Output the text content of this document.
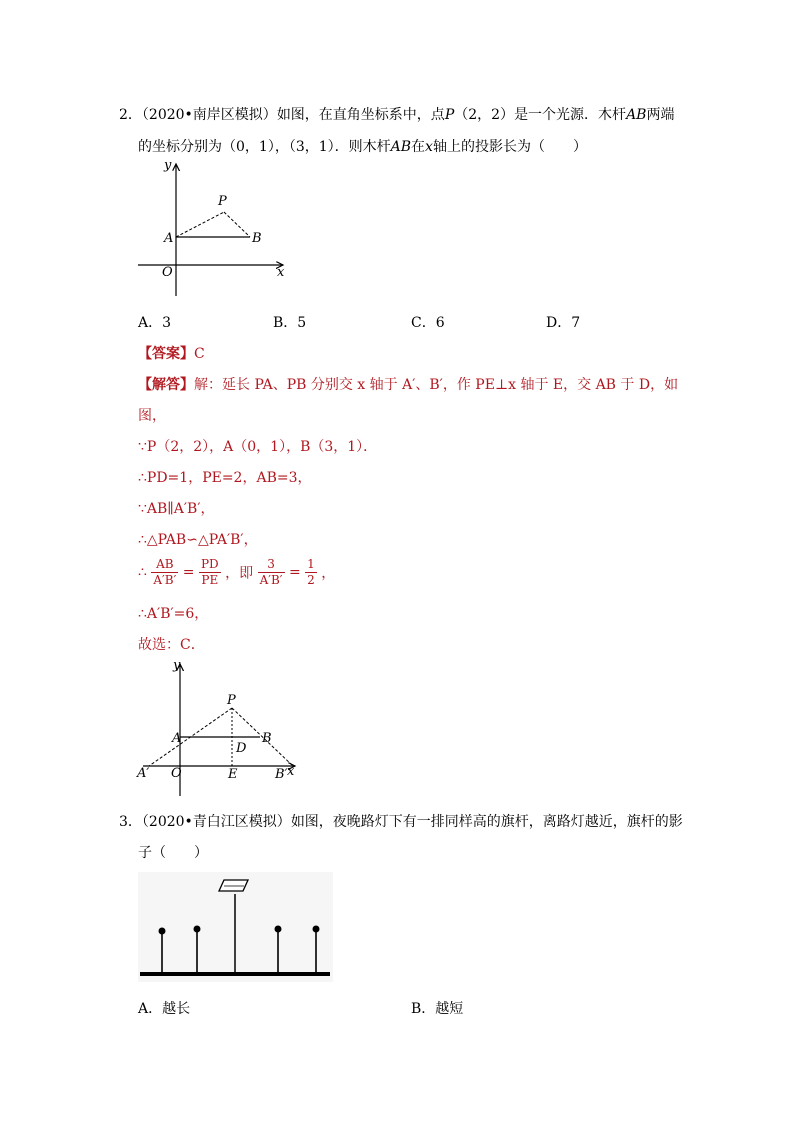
2．（2020•南岸区模拟）如图，在直角坐标系中，点P（2，2）是一个光源．木杆AB两端
的坐标分别为（0，1），（3，1）．则木杆AB在x轴上的投影长为（　　）
y
x
O
A	B
P
A．3	B．5	C．6	D．7
【答案】C
【解答】解：延长 PA、PB 分别交 x 轴于 A′、B′，作 PE⊥x 轴于 E，交 AB 于 D，如
图，
∵P（2，2），A（0，1），B（3，1）．
∴PD=1，PE=2，AB=3，
∵AB∥A′B′，
∴△PAB∽△PA′B′，
∴ $\frac{AB}{A'B'} = \frac{PD}{PE}$ ，即 $\frac{3}{A'B'} = \frac{1}{2}$ ，
∴A′B′=6，
故选：C．
y
x
O
A	B
P
D
E
A′	B′
3．（2020•青白江区模拟）如图，夜晚路灯下有一排同样高的旗杆，离路灯越近，旗杆的影
子（　　）
A．越长	B．越短
